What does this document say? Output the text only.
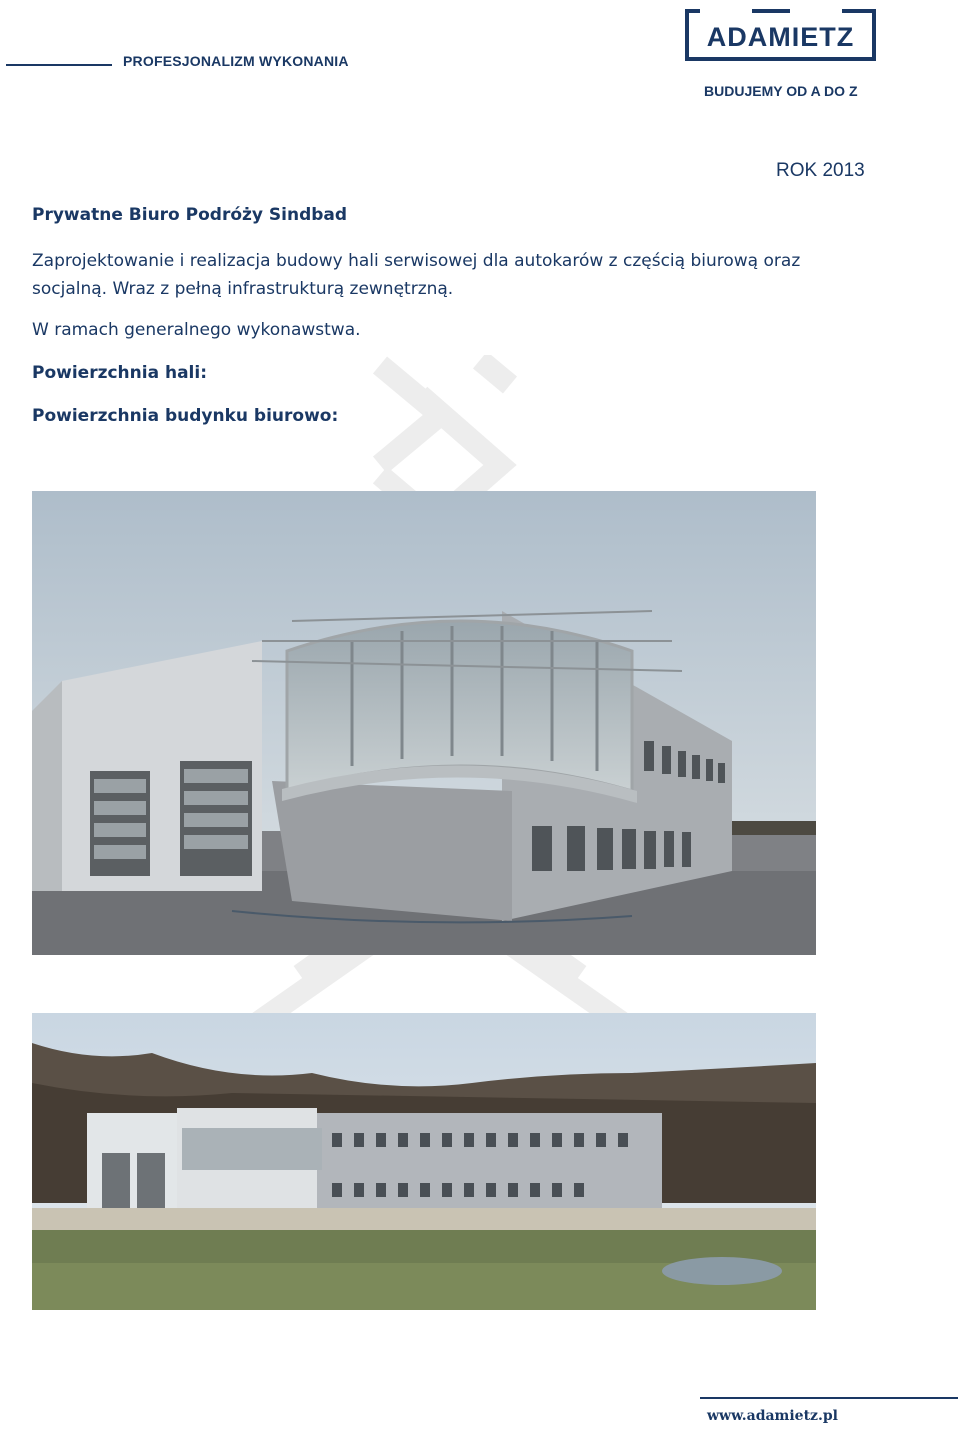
PROFESJONALIZM WYKONANIA
ADAMIETZ
BUDUJEMY OD A DO Z
ROK 2013
Prywatne Biuro Podróży Sindbad
Zaprojektowanie i realizacja budowy hali serwisowej dla autokarów z częścią biurową oraz socjalną. Wraz z pełną infrastrukturą zewnętrzną.
W ramach generalnego wykonawstwa.
Powierzchnia hali:
Powierzchnia budynku biurowo:
www.adamietz.pl
